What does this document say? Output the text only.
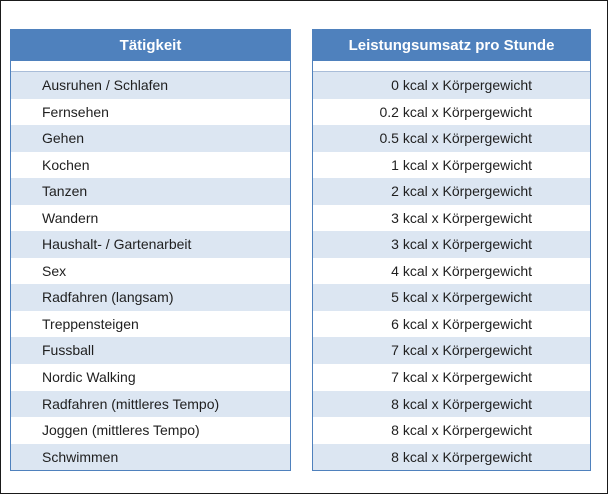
Tätigkeit
Ausruhen / Schlafen
Fernsehen
Gehen
Kochen
Tanzen
Wandern
Haushalt- / Gartenarbeit
Sex
Radfahren (langsam)
Treppensteigen
Fussball
Nordic Walking
Radfahren (mittleres Tempo)
Joggen (mittleres Tempo)
Schwimmen
Leistungsumsatz pro Stunde
0 kcal x Körpergewicht
0.2 kcal x Körpergewicht
0.5 kcal x Körpergewicht
1 kcal x Körpergewicht
2 kcal x Körpergewicht
3 kcal x Körpergewicht
3 kcal x Körpergewicht
4 kcal x Körpergewicht
5 kcal x Körpergewicht
6 kcal x Körpergewicht
7 kcal x Körpergewicht
7 kcal x Körpergewicht
8 kcal x Körpergewicht
8 kcal x Körpergewicht
8 kcal x Körpergewicht
